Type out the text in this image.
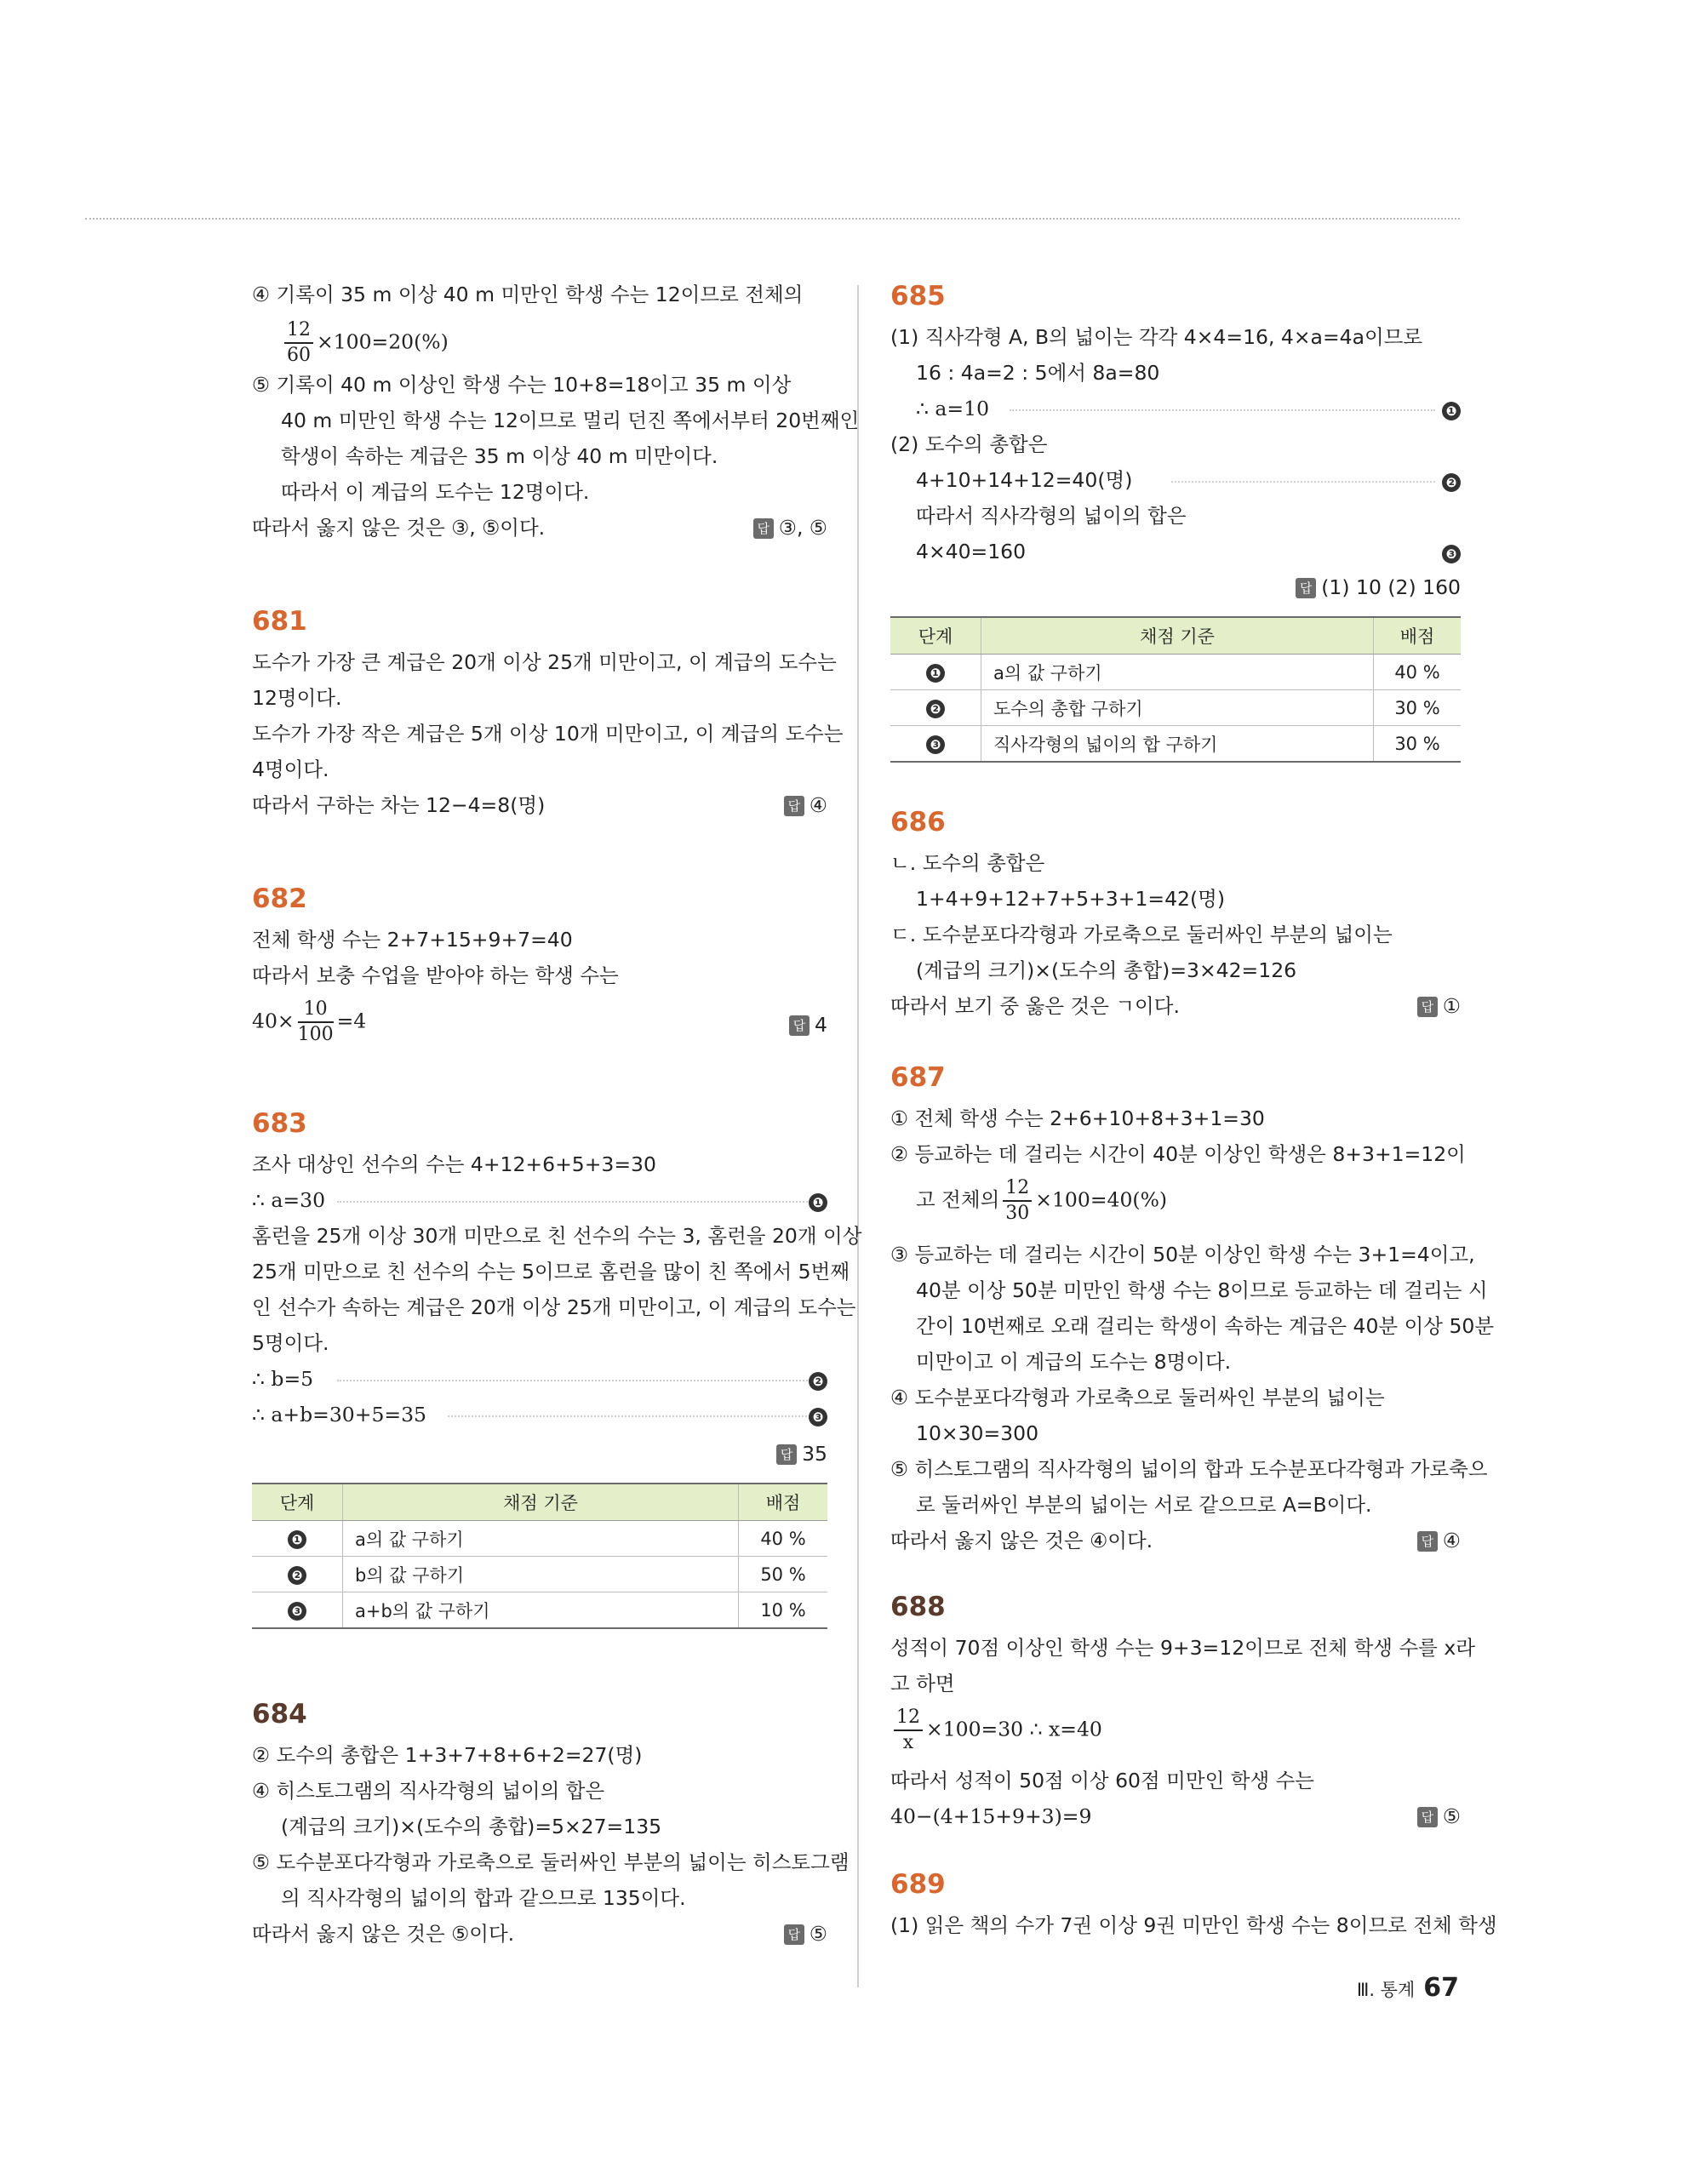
④ 기록이 35 m 이상 40 m 미만인 학생 수는 12이므로 전체의
$\frac{12}{60} \times 100=20(\%)$
⑤ 기록이 40 m 이상인 학생 수는 10+8=18이고 35 m 이상
40 m 미만인 학생 수는 12이므로 멀리 던진 쪽에서부터 20번째인
학생이 속하는 계급은 35 m 이상 40 m 미만이다.
따라서 이 계급의 도수는 12명이다.
따라서 옳지 않은 것은 ③, ⑤이다.	답 ③, ⑤
681
도수가 가장 큰 계급은 20개 이상 25개 미만이고, 이 계급의 도수는
12명이다.
도수가 가장 작은 계급은 5개 이상 10개 미만이고, 이 계급의 도수는
4명이다.
따라서 구하는 차는 12−4=8(명)	답 ④
682
전체 학생 수는 2+7+15+9+7=40
따라서 보충 수업을 받아야 하는 학생 수는
$40\times \frac{10}{100} =4$	답 4
683
조사 대상인 선수의 수는 4+12+6+5+3=30
∴ a=30	❶
홈런을 25개 이상 30개 미만으로 친 선수의 수는 3, 홈런을 20개 이상
25개 미만으로 친 선수의 수는 5이므로 홈런을 많이 친 쪽에서 5번째
인 선수가 속하는 계급은 20개 이상 25개 미만이고, 이 계급의 도수는
5명이다.
∴ b=5	❷
∴ a+b=30+5=35	❸
답 35
단계	채점 기준	배점
❶	a의 값 구하기	40 %
❷	b의 값 구하기	50 %
❸	a+b의 값 구하기	10 %
684
② 도수의 총합은 1+3+7+8+6+2=27(명)
④ 히스토그램의 직사각형의 넓이의 합은
(계급의 크기)×(도수의 총합)=5×27=135
⑤ 도수분포다각형과 가로축으로 둘러싸인 부분의 넓이는 히스토그램
의 직사각형의 넓이의 합과 같으므로 135이다.
따라서 옳지 않은 것은 ⑤이다.	답 ⑤
685
(1) 직사각형 A, B의 넓이는 각각 4×4=16, 4×a=4a이므로
16 : 4a=2 : 5에서 8a=80
∴ a=10	❶
(2) 도수의 총합은
4+10+14+12=40(명)	❷
따라서 직사각형의 넓이의 합은
4×40=160	❸
답 (1) 10 (2) 160
단계	채점 기준	배점
❶	a의 값 구하기	40 %
❷	도수의 총합 구하기	30 %
❸	직사각형의 넓이의 합 구하기	30 %
686
ㄴ. 도수의 총합은
1+4+9+12+7+5+3+1=42(명)
ㄷ. 도수분포다각형과 가로축으로 둘러싸인 부분의 넓이는
(계급의 크기)×(도수의 총합)=3×42=126
따라서 보기 중 옳은 것은 ㄱ이다.	답 ①
687
① 전체 학생 수는 2+6+10+8+3+1=30
② 등교하는 데 걸리는 시간이 40분 이상인 학생은 8+3+1=12이
고 전체의 $\frac{12}{30} \times 100=40(\%)$
③ 등교하는 데 걸리는 시간이 50분 이상인 학생 수는 3+1=4이고,
40분 이상 50분 미만인 학생 수는 8이므로 등교하는 데 걸리는 시
간이 10번째로 오래 걸리는 학생이 속하는 계급은 40분 이상 50분
미만이고 이 계급의 도수는 8명이다.
④ 도수분포다각형과 가로축으로 둘러싸인 부분의 넓이는
10×30=300
⑤ 히스토그램의 직사각형의 넓이의 합과 도수분포다각형과 가로축으
로 둘러싸인 부분의 넓이는 서로 같으므로 A=B이다.
따라서 옳지 않은 것은 ④이다.	답 ④
688
성적이 70점 이상인 학생 수는 9+3=12이므로 전체 학생 수를 x라
고 하면
$\frac{12}{x} \times 100=30$ ∴ x=40
따라서 성적이 50점 이상 60점 미만인 학생 수는
40−(4+15+9+3)=9	답 ⑤
689
(1) 읽은 책의 수가 7권 이상 9권 미만인 학생 수는 8이므로 전체 학생
Ⅲ. 통계 67
